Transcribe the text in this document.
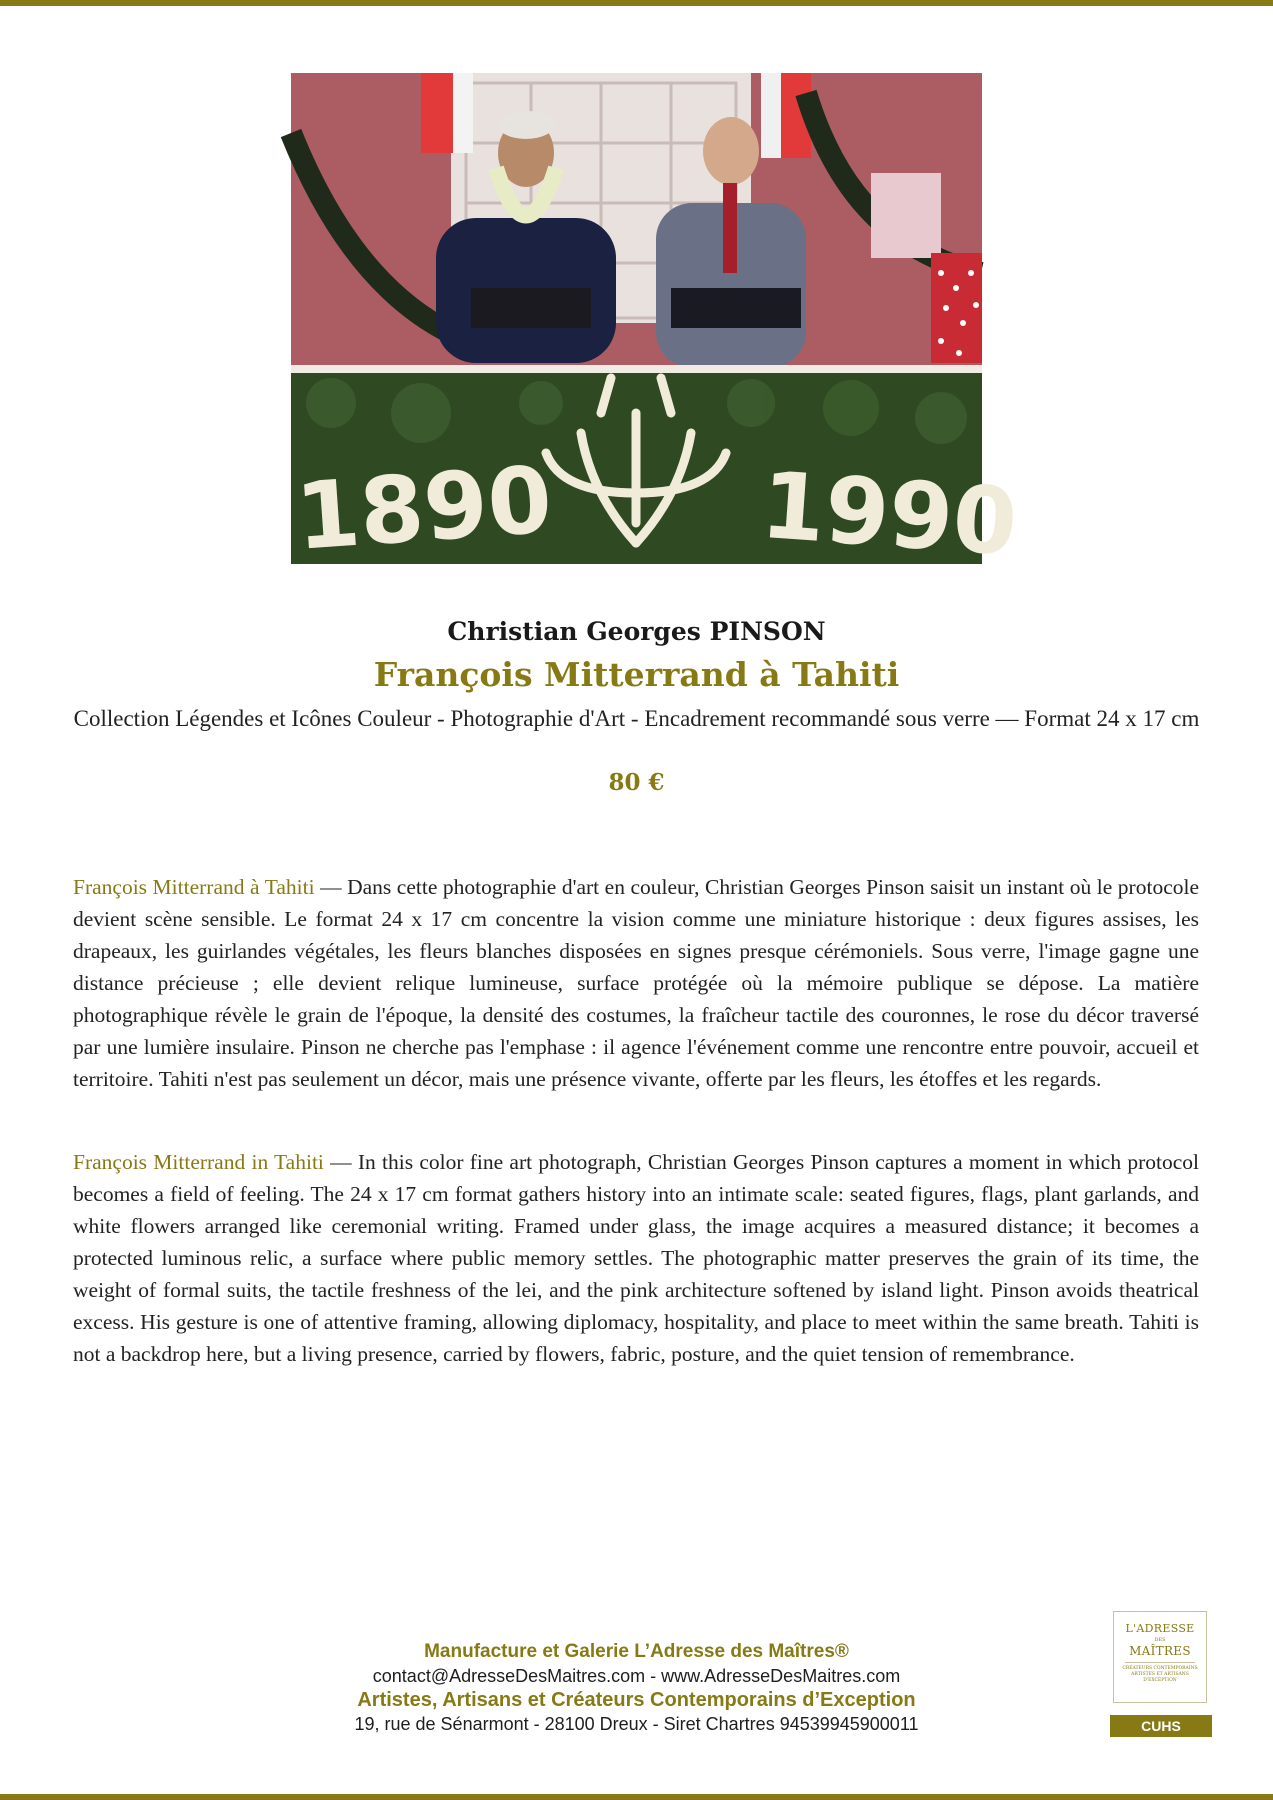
1890 1990
Christian Georges PINSON
François Mitterrand à Tahiti
Collection Légendes et Icônes Couleur - Photographie d'Art - Encadrement recommandé sous verre — Format 24 x 17 cm
80 €

François Mitterrand à Tahiti — Dans cette photographie d'art en couleur, Christian Georges Pinson saisit un instant où le protocole devient scène sensible. Le format 24 x 17 cm concentre la vision comme une miniature historique : deux figures assises, les drapeaux, les guirlandes végétales, les fleurs blanches disposées en signes presque cérémoniels. Sous verre, l'image gagne une distance précieuse ; elle devient relique lumineuse, surface protégée où la mémoire publique se dépose. La matière photographique révèle le grain de l'époque, la densité des costumes, la fraîcheur tactile des couronnes, le rose du décor traversé par une lumière insulaire. Pinson ne cherche pas l'emphase : il agence l'événement comme une rencontre entre pouvoir, accueil et territoire. Tahiti n'est pas seulement un décor, mais une présence vivante, offerte par les fleurs, les étoffes et les regards.

François Mitterrand in Tahiti — In this color fine art photograph, Christian Georges Pinson captures a moment in which protocol becomes a field of feeling. The 24 x 17 cm format gathers history into an intimate scale: seated figures, flags, plant garlands, and white flowers arranged like ceremonial writing. Framed under glass, the image acquires a measured distance; it becomes a protected luminous relic, a surface where public memory settles. The photographic matter preserves the grain of its time, the weight of formal suits, the tactile freshness of the lei, and the pink architecture softened by island light. Pinson avoids theatrical excess. His gesture is one of attentive framing, allowing diplomacy, hospitality, and place to meet within the same breath. Tahiti is not a backdrop here, but a living presence, carried by flowers, fabric, posture, and the quiet tension of remembrance.

Manufacture et Galerie L’Adresse des Maîtres®
contact@AdresseDesMaitres.com - www.AdresseDesMaitres.com
Artistes, Artisans et Créateurs Contemporains d’Exception
19, rue de Sénarmont - 28100 Dreux - Siret Chartres 94539945900011
L'ADRESSE
DES
MAÎTRES
CRÉATEURS CONTEMPORAINS ARTISTES ET ARTISANS D'EXCEPTION
CUHS
